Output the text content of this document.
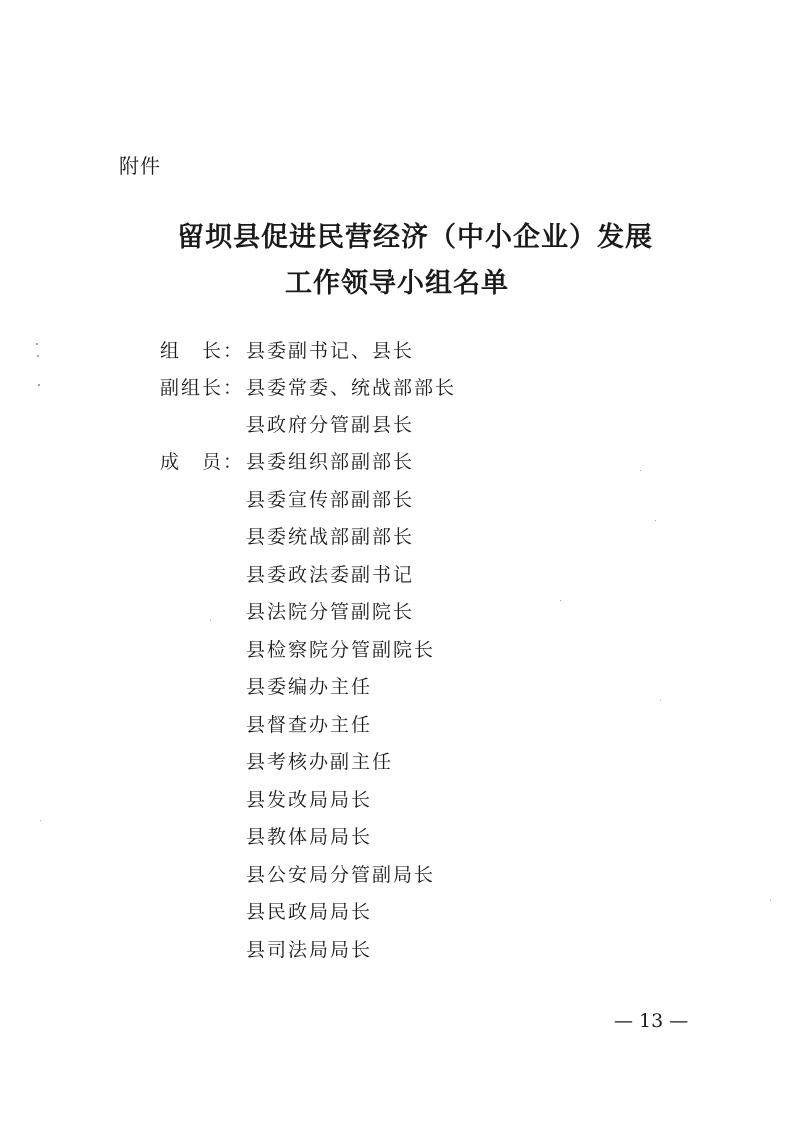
附件
留坝县促进民营经济（中小企业）发展
工作领导小组名单
组　长： 县委副书记、县长
副组长： 县委常委、统战部部长
县政府分管副县长
成　员： 县委组织部副部长
县委宣传部副部长
县委统战部副部长
县委政法委副书记
县法院分管副院长
县检察院分管副院长
县委编办主任
县督查办主任
县考核办副主任
县发改局局长
县教体局局长
县公安局分管副局长
县民政局局长
县司法局局长
— 13 —
